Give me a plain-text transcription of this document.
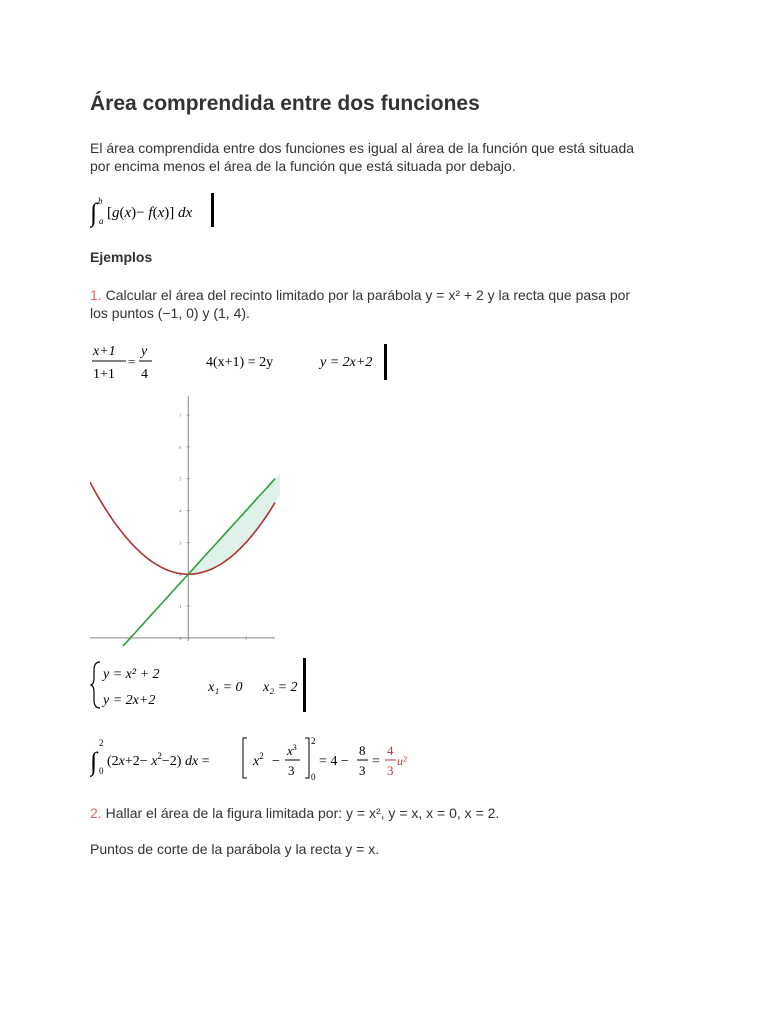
Área comprendida entre dos funciones

El área comprendida entre dos funciones es igual al área de la función que está situada

por encima menos el área de la función que está situada por debajo.

∫ b
a [g(x)− f(x)] dx
Ejemplos

1. Calcular el área del recinto limitado por la parábola y = x² + 2 y la recta que pasa por

los puntos (−1, 0) y (1, 4).

x+1
1+1
=
y
4
4(x+1) = 2y	y = 2x+2
0
1
2
3
4
5
6
7
y = x² + 2
y = 2x+2
x₁ = 0 x₂ = 2
∫
2
0
$(2x+2- x^2-2)$ dx =	$x^2$ −
$x^3$
3
2
0
= 4 −
8
3
=
4
3
u²

2. Hallar el área de la figura limitada por: y = x², y = x, x = 0, x = 2.

Puntos de corte de la parábola y la recta y = x.
